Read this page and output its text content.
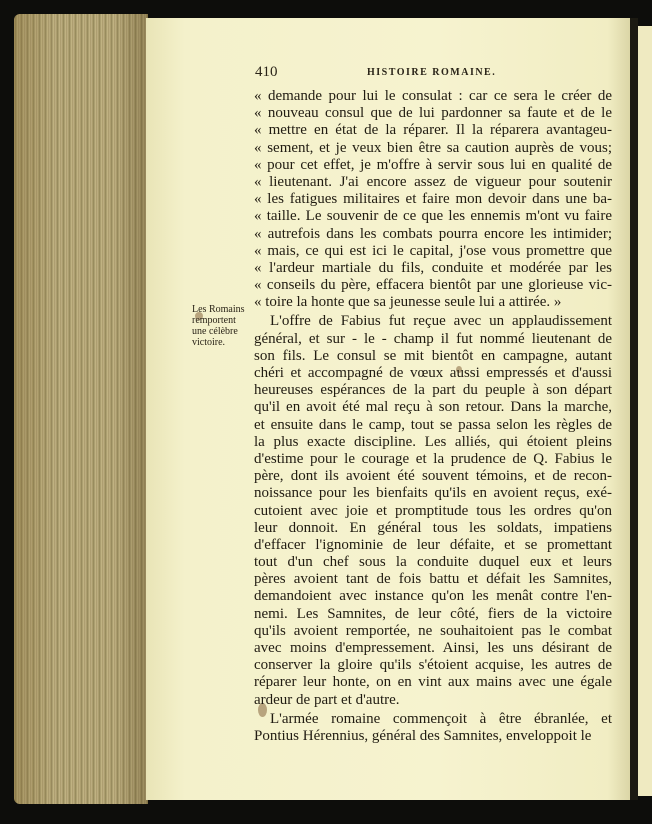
410	HISTOIRE ROMAINE.
Les Romains
remportent
une célèbre
victoire.
« demande pour lui le consulat : car ce sera le créer de
« nouveau consul que de lui pardonner sa faute et de le
« mettre en état de la réparer. Il la réparera avantageu-
« sement, et je veux bien être sa caution auprès de vous;
« pour cet effet, je m'offre à servir sous lui en qualité de
« lieutenant. J'ai encore assez de vigueur pour soutenir
« les fatigues militaires et faire mon devoir dans une ba-
« taille. Le souvenir de ce que les ennemis m'ont vu faire
« autrefois dans les combats pourra encore les intimider;
« mais, ce qui est ici le capital, j'ose vous promettre que
« l'ardeur martiale du fils, conduite et modérée par les
« conseils du père, effacera bientôt par une glorieuse vic-
« toire la honte que sa jeunesse seule lui a attirée. »
L'offre de Fabius fut reçue avec un applaudissement
général, et sur - le - champ il fut nommé lieutenant de
son fils. Le consul se mit bientôt en campagne, autant
chéri et accompagné de vœux aussi empressés et d'aussi
heureuses espérances de la part du peuple à son départ
qu'il en avoit été mal reçu à son retour. Dans la marche,
et ensuite dans le camp, tout se passa selon les règles de
la plus exacte discipline. Les alliés, qui étoient pleins
d'estime pour le courage et la prudence de Q. Fabius le
père, dont ils avoient été souvent témoins, et de recon-
noissance pour les bienfaits qu'ils en avoient reçus, exé-
cutoient avec joie et promptitude tous les ordres qu'on
leur donnoit. En général tous les soldats, impatiens
d'effacer l'ignominie de leur défaite, et se promettant
tout d'un chef sous la conduite duquel eux et leurs
pères avoient tant de fois battu et défait les Samnites,
demandoient avec instance qu'on les menât contre l'en-
nemi. Les Samnites, de leur côté, fiers de la victoire
qu'ils avoient remportée, ne souhaitoient pas le combat
avec moins d'empressement. Ainsi, les uns désirant de
conserver la gloire qu'ils s'étoient acquise, les autres de
réparer leur honte, on en vint aux mains avec une égale
ardeur de part et d'autre.
L'armée romaine commençoit à être ébranlée, et
Pontius Hérennius, général des Samnites, enveloppoit le
